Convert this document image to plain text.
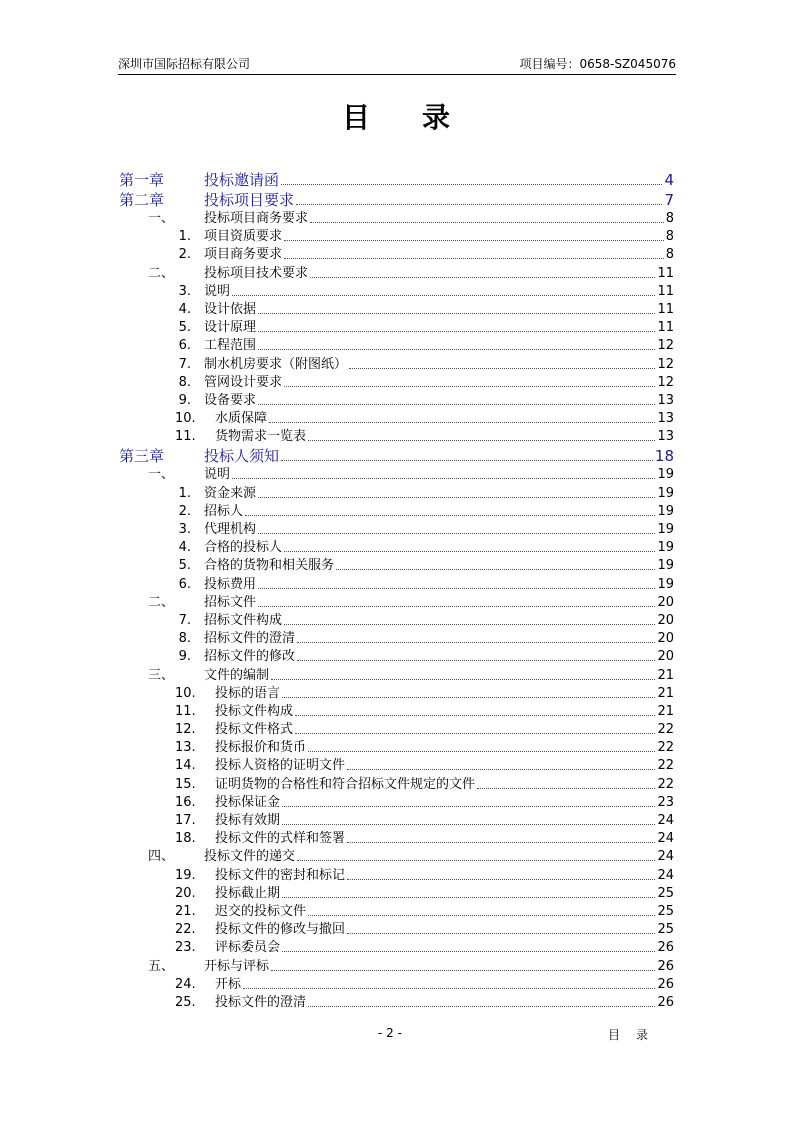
深圳市国际招标有限公司	项目编号：0658-SZ045076
目 录
第一章	投标邀请函	4
第二章	投标项目要求	7
一、 投标项目商务要求	8
1. 项目资质要求	8
2. 项目商务要求	8
二、 投标项目技术要求	11
3. 说明	11
4. 设计依据	11
5. 设计原理	11
6. 工程范围	12
7. 制水机房要求（附图纸）	12
8. 管网设计要求	12
9. 设备要求	13
10. 水质保障	13
11. 货物需求一览表	13
第三章	投标人须知	18
一、 说明	19
1. 资金来源	19
2. 招标人	19
3. 代理机构	19
4. 合格的投标人	19
5. 合格的货物和相关服务	19
6. 投标费用	19
二、 招标文件	20
7. 招标文件构成	20
8. 招标文件的澄清	20
9. 招标文件的修改	20
三、 文件的编制	21
10. 投标的语言	21
11. 投标文件构成	21
12. 投标文件格式	22
13. 投标报价和货币	22
14. 投标人资格的证明文件	22
15. 证明货物的合格性和符合招标文件规定的文件	22
16. 投标保证金	23
17. 投标有效期	24
18. 投标文件的式样和签署	24
四、 投标文件的递交	24
19. 投标文件的密封和标记	24
20. 投标截止期	25
21. 迟交的投标文件	25
22. 投标文件的修改与撤回	25
23. 评标委员会	26
五、 开标与评标	26
24. 开标	26
25. 投标文件的澄清	26
- 2 -	目 录
